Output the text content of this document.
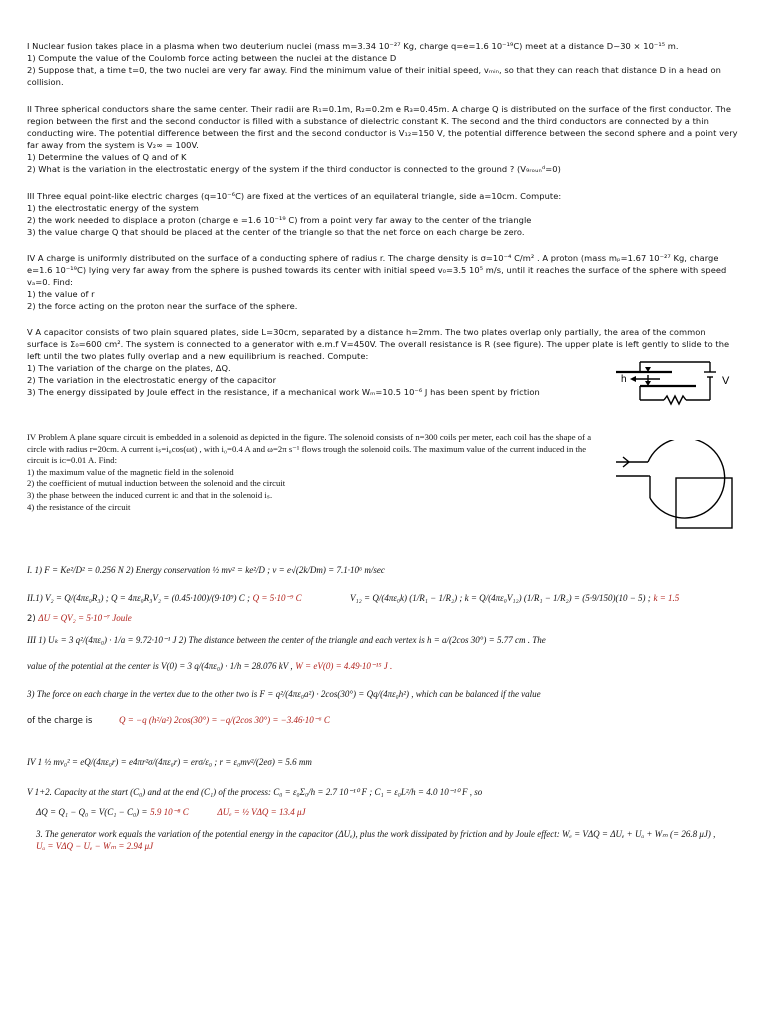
I Nuclear fusion takes place in a plasma when two deuterium nuclei (mass m=3.34 10⁻²⁷ Kg, charge q=e=1.6 10⁻¹⁹C) meet at a distance D~30 × 10⁻¹⁵ m.

1) Compute the value of the Coulomb force acting between the nuclei at the distance D

2) Suppose that, a time t=0, the two nuclei are very far away. Find the minimum value of their initial speed, vₘᵢₙ, so that they can reach that distance D in a head on collision.

II Three spherical conductors share the same center. Their radii are R₁=0.1m, R₂=0.2m e R₃=0.45m. A charge Q is distributed on the surface of the first conductor. The region between the first and the second conductor is filled with a substance of dielectric constant K. The second and the third conductors are connected by a thin conducting wire. The potential difference between the first and the second conductor is V₁₂=150 V, the potential difference between the second sphere and a point very far away from the system is V₂∞ = 100V.

1) Determine the values of Q and of K

2) What is the variation in the electrostatic energy of the system if the third conductor is connected to the ground ? (V₉ᵣₒᵤₙᵈ=0)

III Three equal point-like electric charges (q=10⁻⁶C) are fixed at the vertices of an equilateral triangle, side a=10cm. Compute:

1) the electrostatic energy of the system

2) the work needed to displace a proton (charge e =1.6 10⁻¹⁹ C) from a point very far away to the center of the triangle

3) the value charge Q that should be placed at the center of the triangle so that the net force on each charge be zero.

IV A charge is uniformly distributed on the surface of a conducting sphere of radius r. The charge density is σ=10⁻⁴ C/m² . A proton (mass mₚ=1.67 10⁻²⁷ Kg, charge e=1.6 10⁻¹⁹C) lying very far away from the sphere is pushed towards its center with initial speed v₀=3.5 10⁵ m/s, until it reaches the surface of the sphere with speed vₐ=0. Find:

1) the value of r

2) the force acting on the proton near the surface of the sphere.

V A capacitor consists of two plain squared plates, side L=30cm, separated by a distance h=2mm. The two plates overlap only partially, the area of the common surface is Σ₀=600 cm². The system is connected to a generator with e.m.f V=450V. The overall resistance is R (see figure). The upper plate is left gently to slide to the left until the two plates fully overlap and a new equilibrium is reached. Compute:

1) The variation of the charge on the plates, ΔQ.

2) The variation in the electrostatic energy of the capacitor

3) The energy dissipated by Joule effect in the resistance, if a mechanical work Wₘ=10.5 10⁻⁶ J has been spent by friction

h	V

IV Problem A plane square circuit is embedded in a solenoid as depicted in the figure. The solenoid consists of n=300 coils per meter, each coil has the shape of a circle with radius r=20cm. A current iₛ=i₀cos(ωt) , with i₀=0.4 A and ω=2π s⁻¹ flows trough the solenoid coils. The maximum value of the current induced in the circuit is iᴄ=0.01 A. Find:

1) the maximum value of the magnetic field in the solenoid

2) the coefficient of mutual induction between the solenoid and the circuit

3) the phase between the induced current iᴄ and that in the solenoid iₛ.

4) the resistance of the circuit

I. 1) F = Ke²/D² = 0.256 N 2) Energy conservation ½ mv² = ke²/D ; v = e√(2k/Dm) = 7.1·10⁶ m/sec
II.1) V₂ = Q/(4πε₀R₃) ; Q = 4πε₀R₃V₂ = (0.45·100)/(9·10⁹) C ; Q = 5·10⁻⁹ C	V₁₂ = Q/(4πε₀k) (1/R₁ − 1/R₂) ; k = Q/(4πε₀V₁₂) (1/R₁ − 1/R₂) = (5·9/150)(10 − 5) ; k = 1.5
2) ΔU = QV₂ = 5·10⁻⁷ Joule
III 1) Uₖ = 3 q²/(4πε₀) · 1/a = 9.72·10⁻¹ J 2) The distance between the center of the triangle and each vertex is h = a/(2cos 30°) = 5.77 cm . The
value of the potential at the center is V(0) = 3 q/(4πε₀) · 1/h = 28.076 kV , W = eV(0) = 4.49·10⁻¹⁵ J .
3) The force on each charge in the vertex due to the other two is F = q²/(4πε₀a²) · 2cos(30°) = Qq/(4πε₀h²) , which can be balanced if the value
of the charge is	Q = −q (h²/a²) 2cos(30°) = −q/(2cos 30°) = −3.46·10⁻⁶ C
IV 1 ½ mv₀² = eQ/(4πε₀r) = e4πr²σ/(4πε₀r) = erσ/ε₀ ; r = ε₀mv²/(2eσ) = 5.6 mm
V 1+2. Capacity at the start (C₀) and at the end (C₁) of the process: C₀ = ε₀Σ₀/h = 2.7 10⁻¹⁰ F ; C₁ = ε₀L²/h = 4.0 10⁻¹⁰ F , so
ΔQ = Q₁ − Q₀ = V(C₁ − C₀) = 5.9 10⁻⁸ C	ΔUₑ = ½ VΔQ = 13.4 μJ
3. The generator work equals the variation of the potential energy in the capacitor (ΔUₑ), plus the work dissipated by friction and by Joule effect: Wₑ = VΔQ = ΔUₑ + Uₐ + Wₘ (= 26.8 μJ) , Uₐ = VΔQ − Uₑ − Wₘ = 2.94 μJ
